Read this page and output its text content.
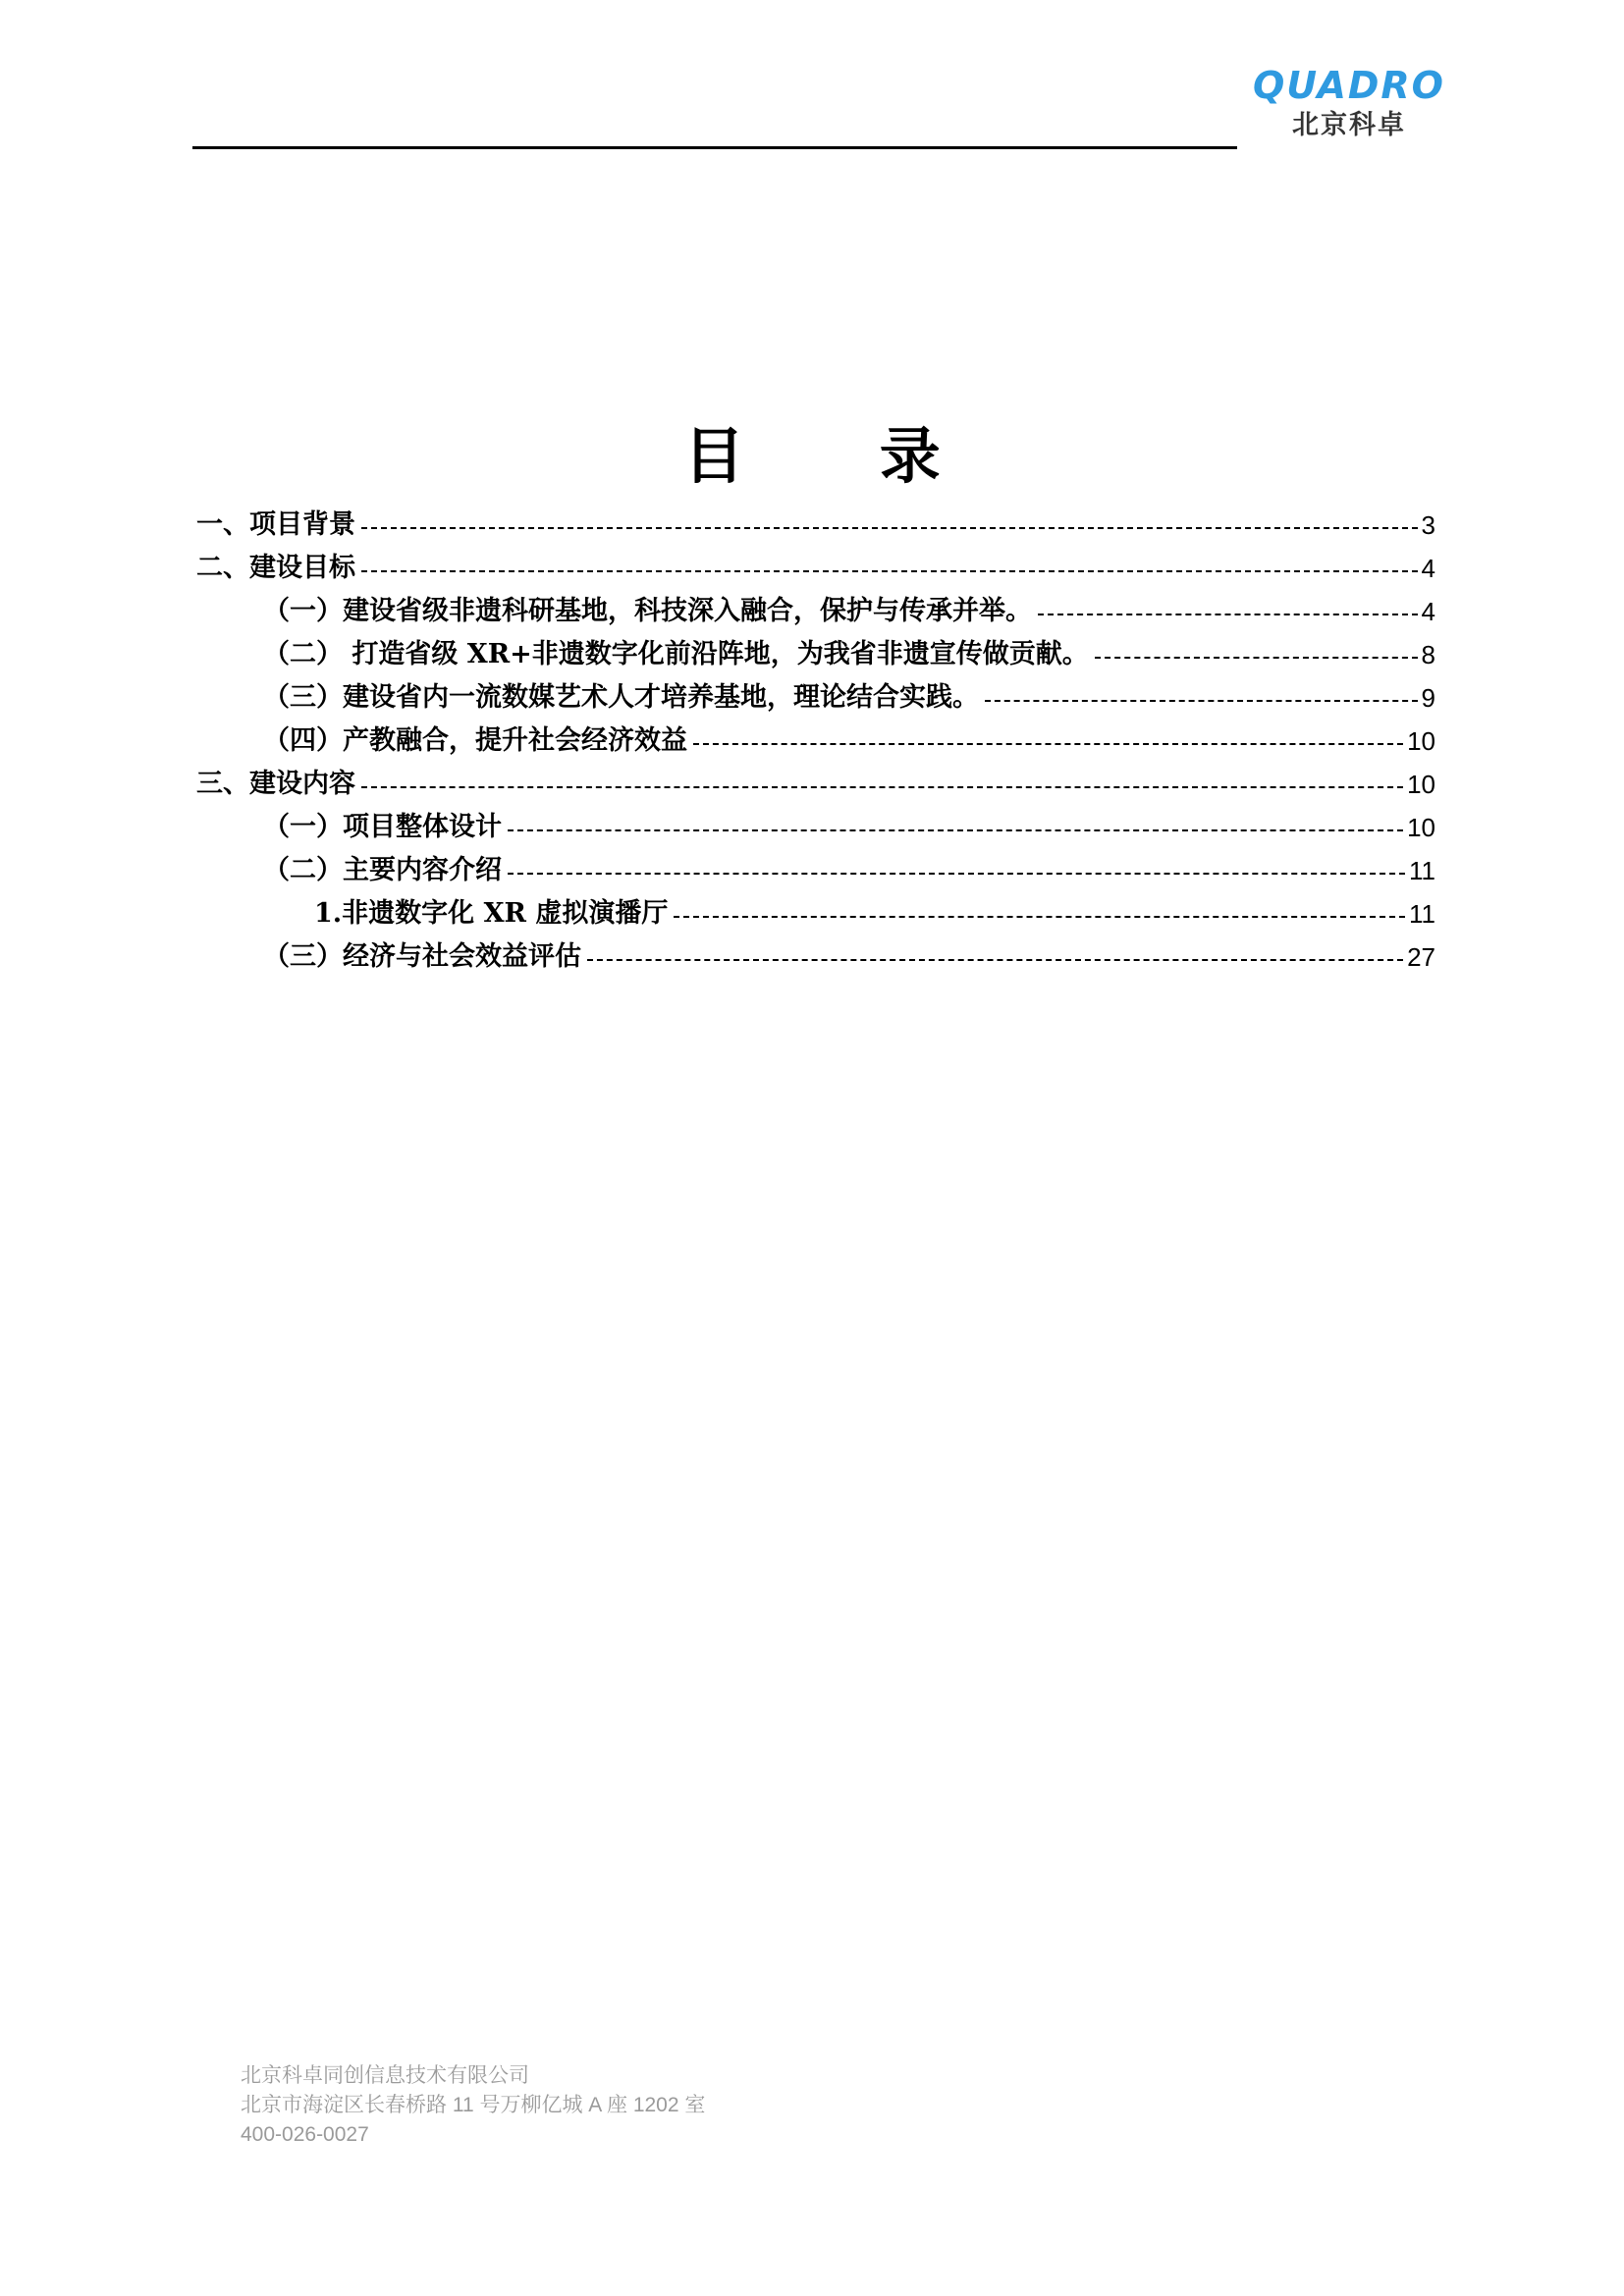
QUADRO
北京科卓
目 录
一、项目背景	3
二、建设目标	4
（一）建设省级非遗科研基地，科技深入融合，保护与传承并举。	4
（二） 打造省级 XR+非遗数字化前沿阵地，为我省非遗宣传做贡献。	8
（三）建设省内一流数媒艺术人才培养基地，理论结合实践。	9
（四）产教融合，提升社会经济效益	10
三、建设内容	10
（一）项目整体设计	10
（二）主要内容介绍	11
1.非遗数字化 XR 虚拟演播厅	11
（三）经济与社会效益评估	27
北京科卓同创信息技术有限公司
北京市海淀区长春桥路 11 号万柳亿城 A 座 1202 室
400-026-0027
